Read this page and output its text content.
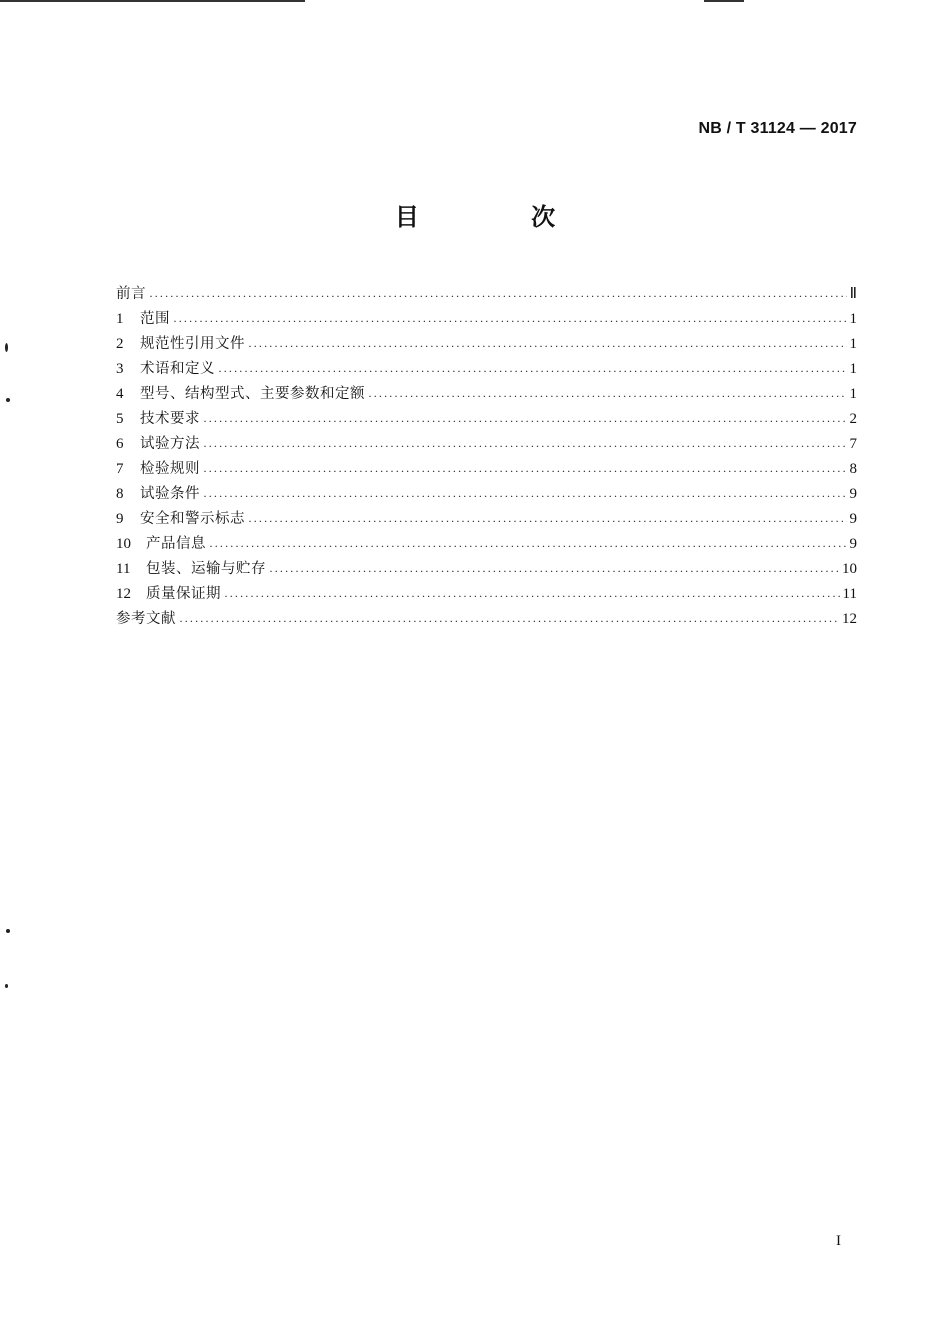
NB / T 31124 — 2017
目 次
前言 ·····	Ⅱ
1	范围 ·····	1
2	规范性引用文件 ·····	1
3	术语和定义 ·····	1
4	型号、结构型式、主要参数和定额 ·····	1
5	技术要求 ·····	2
6	试验方法 ·····	7
7	检验规则 ·····	8
8	试验条件 ·····	9
9	安全和警示标志 ·····	9
10	产品信息 ·····	9
11	包装、运输与贮存 ·····	10
12	质量保证期 ·····	11
参考文献 ·····	12
I
